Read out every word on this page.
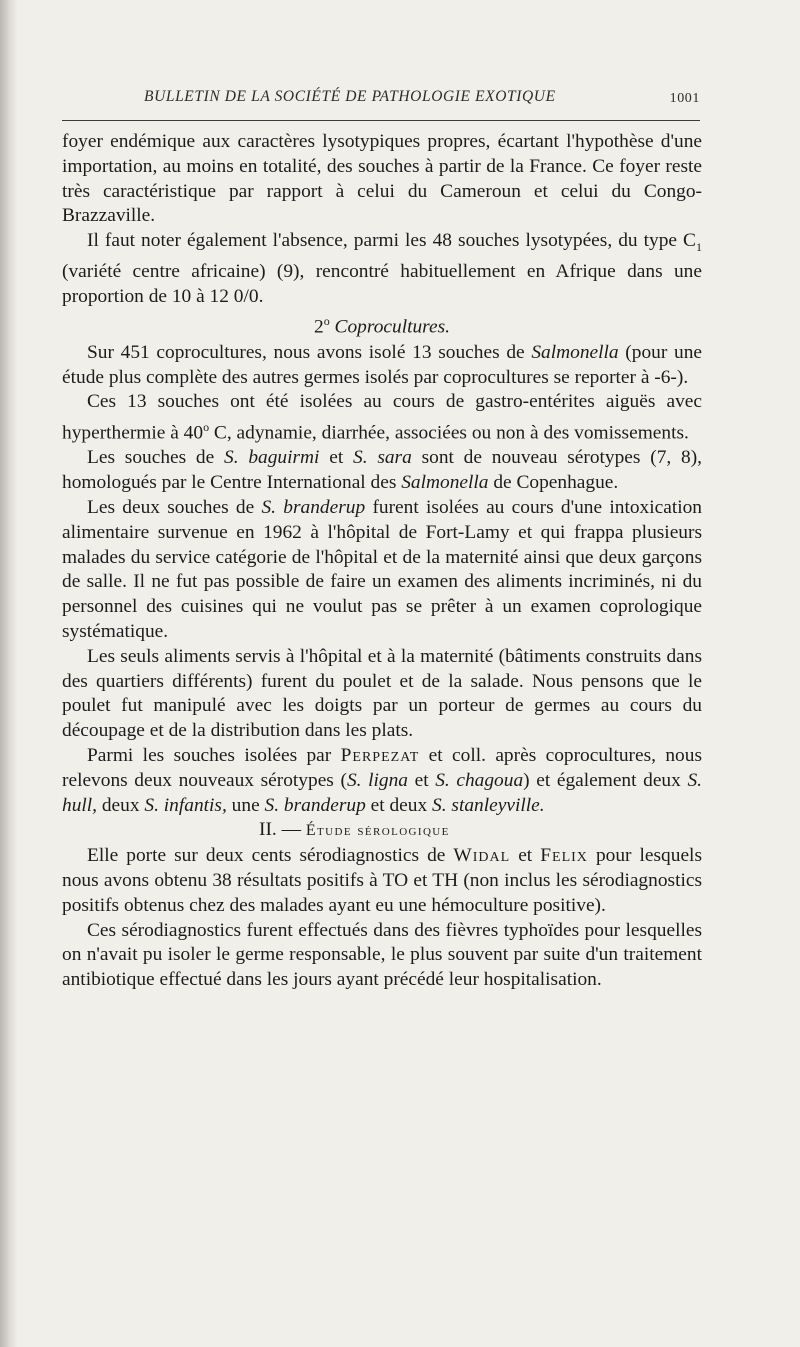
BULLETIN DE LA SOCIÉTÉ DE PATHOLOGIE EXOTIQUE	1001

foyer endémique aux caractères lysotypiques propres, écartant l'hypothèse d'une importation, au moins en totalité, des souches à partir de la France. Ce foyer reste très caractéristique par rapport à celui du Cameroun et celui du Congo-Brazzaville.

Il faut noter également l'absence, parmi les 48 souches lysotypées, du type $C_1$ (variété centre africaine) (9), rencontré habituellement en Afrique dans une proportion de 10 à 12 0/0.

2$^o$ Coprocultures.

Sur 451 coprocultures, nous avons isolé 13 souches de Salmonella (pour une étude plus complète des autres germes isolés par coprocultures se reporter à -6-).

Ces 13 souches ont été isolées au cours de gastro-entérites aiguës avec hyperthermie à 40$^o$ C, adynamie, diarrhée, associées ou non à des vomissements.

Les souches de S. baguirmi et S. sara sont de nouveau sérotypes (7, 8), homologués par le Centre International des Salmonella de Copenhague.

Les deux souches de S. branderup furent isolées au cours d'une intoxication alimentaire survenue en 1962 à l'hôpital de Fort-Lamy et qui frappa plusieurs malades du service catégorie de l'hôpital et de la maternité ainsi que deux garçons de salle. Il ne fut pas possible de faire un examen des aliments incriminés, ni du personnel des cuisines qui ne voulut pas se prêter à un examen coprologique systématique.

Les seuls aliments servis à l'hôpital et à la maternité (bâtiments construits dans des quartiers différents) furent du poulet et de la salade. Nous pensons que le poulet fut manipulé avec les doigts par un porteur de germes au cours du découpage et de la distribution dans les plats.

Parmi les souches isolées par Perpezat et coll. après coprocultures, nous relevons deux nouveaux sérotypes (S. ligna et S. chagoua) et également deux S. hull, deux S. infantis, une S. branderup et deux S. stanleyville.

II. — Étude sérologique

Elle porte sur deux cents sérodiagnostics de Widal et Felix pour lesquels nous avons obtenu 38 résultats positifs à TO et TH (non inclus les sérodiagnostics positifs obtenus chez des malades ayant eu une hémoculture positive).

Ces sérodiagnostics furent effectués dans des fièvres typhoïdes pour lesquelles on n'avait pu isoler le germe responsable, le plus souvent par suite d'un traitement antibiotique effectué dans les jours ayant précédé leur hospitalisation.
